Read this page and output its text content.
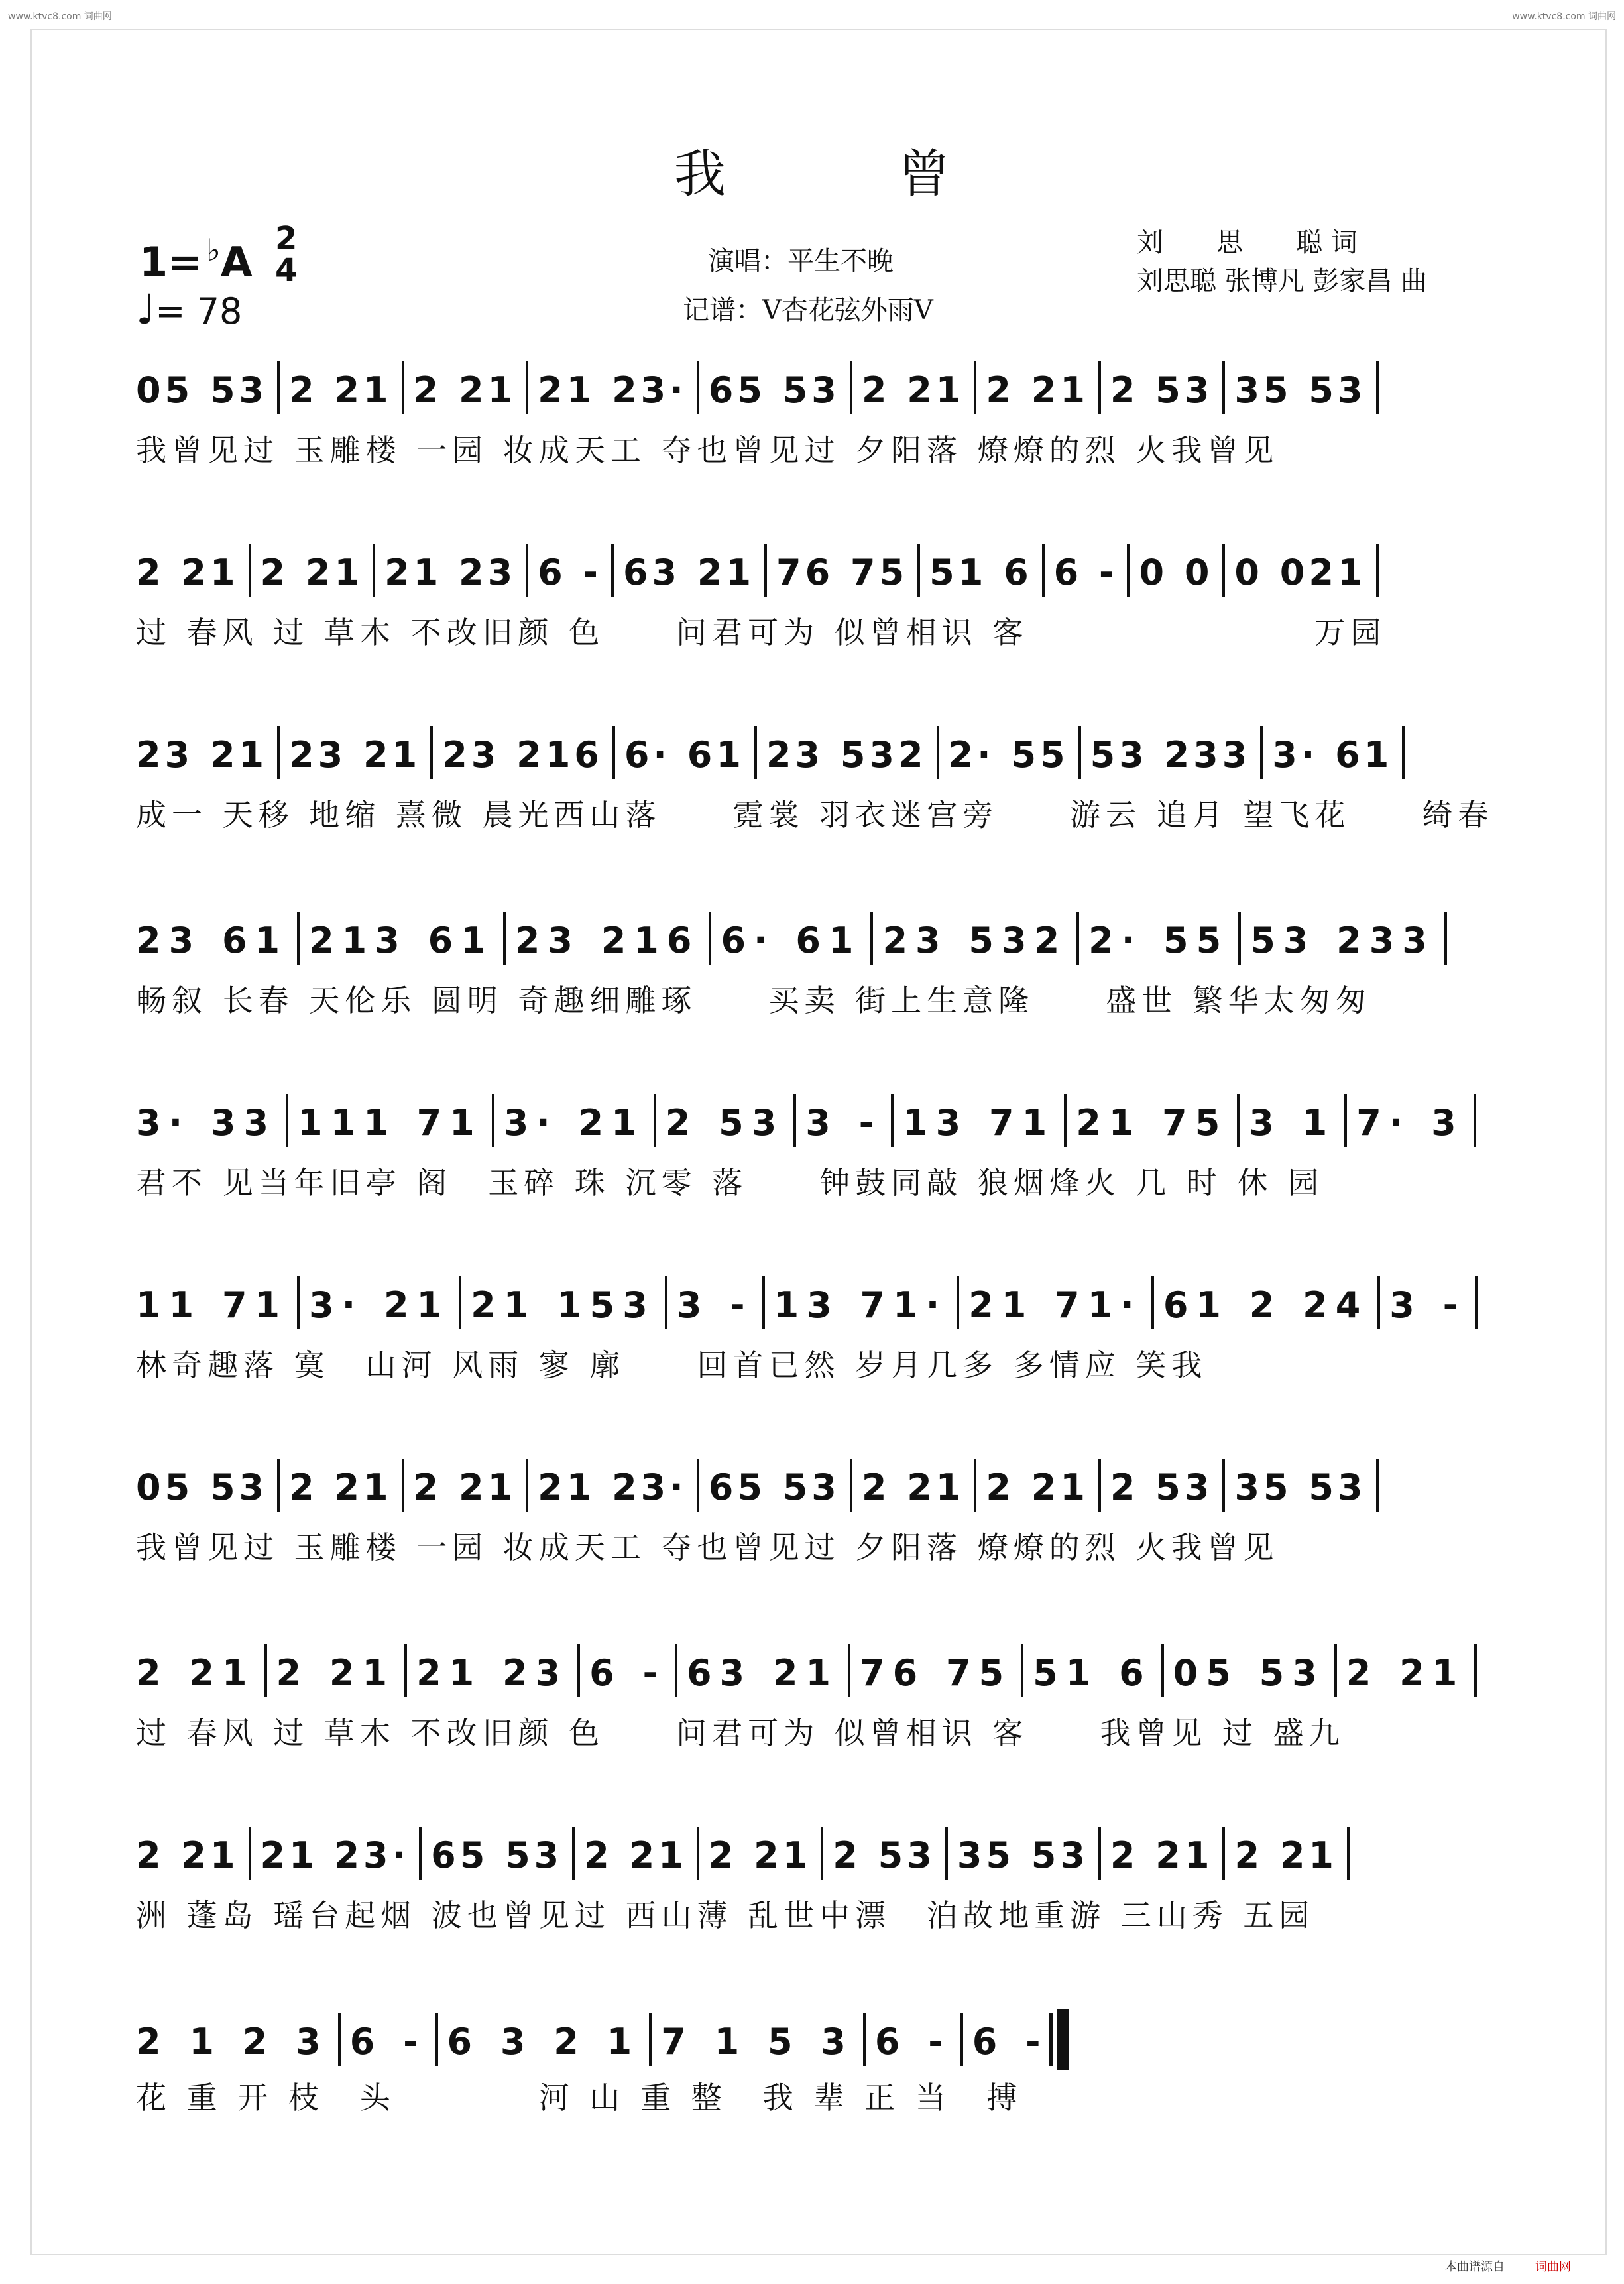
www.ktvc8.com 词曲网	www.ktvc8.com 词曲网
我曾
1= ♭A 2
4
♩= 78
演唱：平生不晚
记谱：V杏花弦外雨V
刘　　思　　聪 词
刘思聪 张博凡 彭家昌 曲
05 53 2 21 2 21 21 23· 65 53 2 21 2 21 2 53 35 53
我曾见过 玉雕楼 一园 妆成天工 夺也曾见过 夕阳落 燎燎的烈 火我曾见
2 21 2 21 21 23 6 - 63 21 76 75 51 6 6 - 0 0 0 021
过 春风 过 草木 不改旧颜 色　　问君可为 似曾相识 客　　　　　　　　万园
23 21 23 21 23 216 6· 61 23 532 2· 55 53 233 3· 61
成一 天移 地缩 熹微 晨光西山落　　霓裳 羽衣迷宫旁　　游云 追月 望飞花　　绮春
23 61 213 61 23 216 6· 61 23 532 2· 55 53 233
畅叙 长春 天伦乐 圆明 奇趣细雕琢　　买卖 街上生意隆　　盛世 繁华太匆匆
3· 33 111 71 3· 21 2 53 3 - 13 71 21 75 3 1 7· 3
君不 见当年旧亭 阁　玉碎 珠 沉零 落　　钟鼓同敲 狼烟烽火 几 时 休 园
11 71 3· 21 21 153 3 - 13 71· 21 71· 61 2 24 3 -
林奇趣落 寞　山河 风雨 寥 廓　　回首已然 岁月几多 多情应 笑我
05 53 2 21 2 21 21 23· 65 53 2 21 2 21 2 53 35 53
我曾见过 玉雕楼 一园 妆成天工 夺也曾见过 夕阳落 燎燎的烈 火我曾见
2 21 2 21 21 23 6 - 63 21 76 75 51 6 05 53 2 21
过 春风 过 草木 不改旧颜 色　　问君可为 似曾相识 客　　我曾见 过 盛九
2 21 21 23· 65 53 2 21 2 21 2 53 35 53 2 21 2 21
洲 蓬岛 瑶台起烟 波也曾见过 西山薄 乱世中漂　泊故地重游 三山秀 五园
2 1 2 3 6 - 6 3 2 1 7 1 5 3 6 - 6 -
花 重 开 枝　头　　　　河 山 重 整　我 辈 正 当　搏
本曲谱源自	词曲网
